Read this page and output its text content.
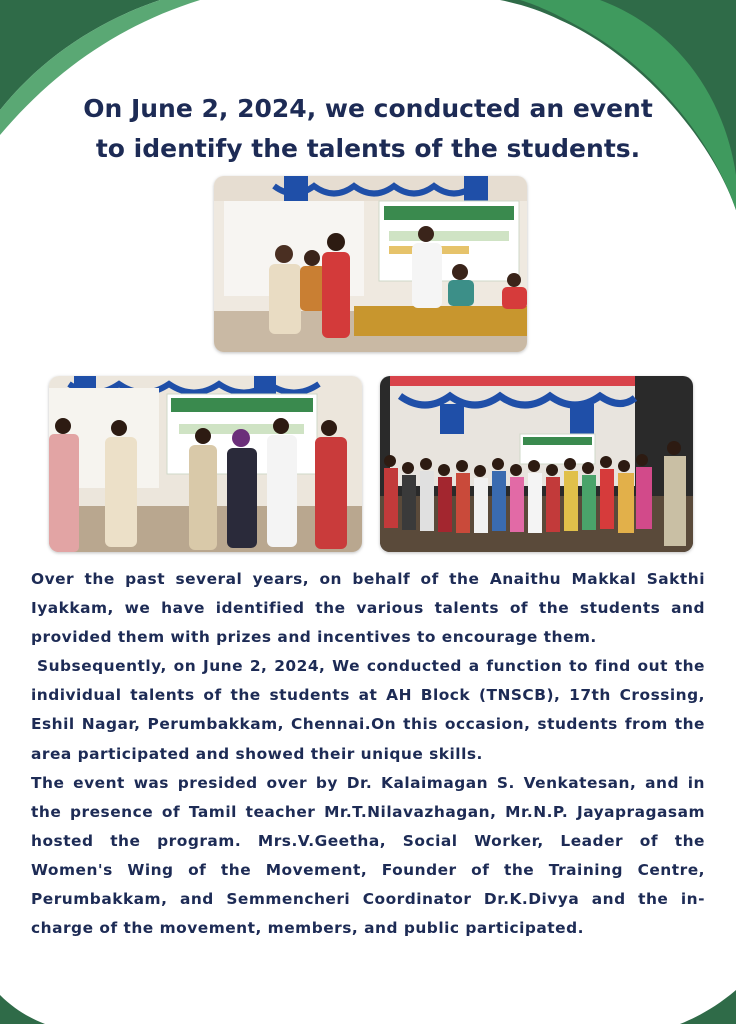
On June 2, 2024, we conducted an event
to identify the talents of the students.

Over the past several years, on behalf of the Anaithu Makkal Sakthi Iyakkam, we have identified the various talents of the students and provided them with prizes and incentives to encourage them.

Subsequently, on June 2, 2024, We conducted a function to find out the individual talents of the students at AH Block (TNSCB), 17th Crossing, Eshil Nagar, Perumbakkam, Chennai.On this occasion, students from the area participated and showed their unique skills.

The event was presided over by Dr. Kalaimagan S. Venkatesan, and in the presence of Tamil teacher Mr.T.Nilavazhagan, Mr.N.P. Jayapragasam hosted the program. Mrs.V.Geetha, Social Worker, Leader of the Women's Wing of the Movement, Founder of the Training Centre, Perumbakkam, and Semmencheri Coordinator Dr.K.Divya and the in-charge of the movement, members, and public participated.
